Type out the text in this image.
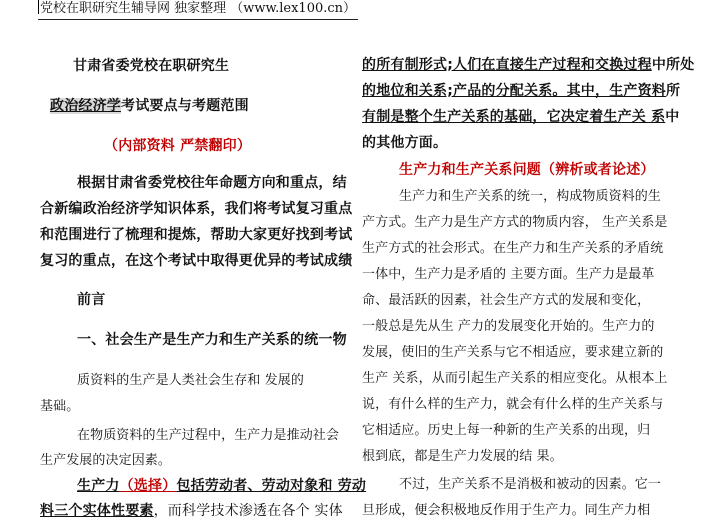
党校在职研究生辅导网 独家整理 （www.lex100.cn）
甘肃省委党校在职研究生
政治经济学考试要点与考题范围
（内部资料 严禁翻印）
根据甘肃省委党校往年命题方向和重点，结
合新编政治经济学知识体系，我们将考试复习重点
和范围进行了梳理和提炼，帮助大家更好找到考试
复习的重点，在这个考试中取得更优异的考试成绩
前言
一、社会生产是生产力和生产关系的统一物
质资料的生产是人类社会生存和 发展的
基础。
在物质资料的生产过程中，生产力是推动社会
生产发展的决定因素。
生产力（选择）包括劳动者、劳动对象和 劳动
料三个实体性要素，而科学技术渗透在各个 实体
的所有制形式;人们在直接生产过程和交换过程中所处
的地位和关系;产品的分配关系。其中，生产资料所
有制是整个生产关系的基础，它决定着生产关 系中
的其他方面。
生产力和生产关系问题（辨析或者论述）
生产力和生产关系的统一，构成物质资料的生
产方式。生产力是生产方式的物质内容， 生产关系是
生产方式的社会形式。在生产力和生产关系的矛盾统
一体中，生产力是矛盾的 主要方面。生产力是最革
命、最活跃的因素，社会生产方式的发展和变化，
一般总是先从生 产力的发展变化开始的。生产力的
发展，使旧的生产关系与它不相适应，要求建立新的
生产 关系，从而引起生产关系的相应变化。从根本上
说，有什么样的生产力，就会有什么样的生产关系与
它相适应。历史上每一种新的生产关系的出现，归
根到底，都是生产力发展的结 果。
不过，生产关系不是消极和被动的因素。它一
旦形成，便会积极地反作用于生产力。同生产力相
